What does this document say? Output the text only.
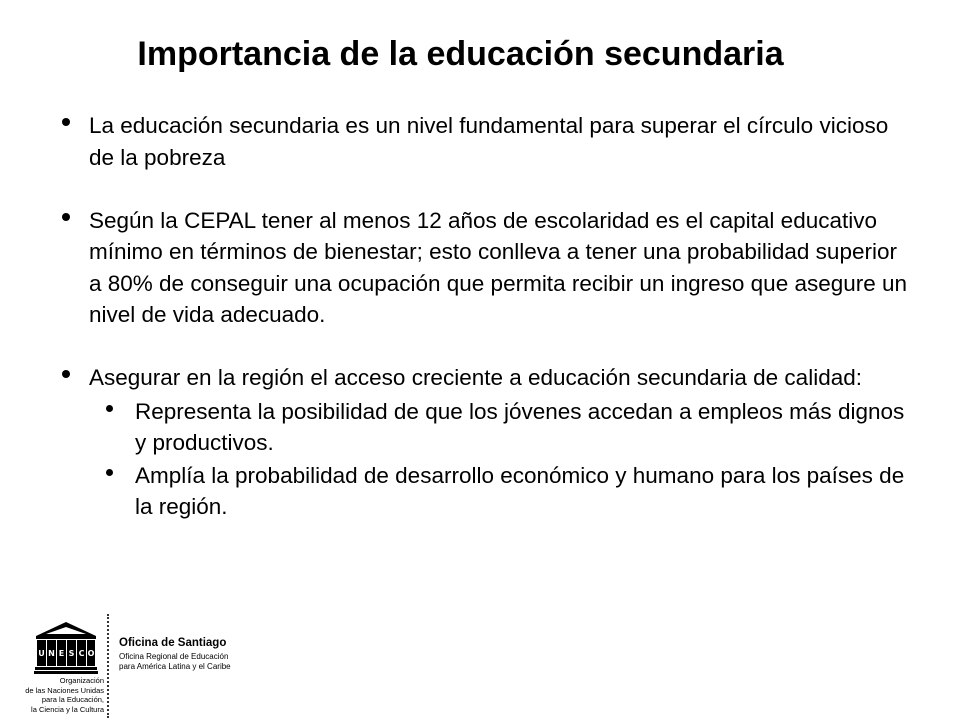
Importancia de la educación secundaria
La educación secundaria es un nivel fundamental para superar el círculo vicioso de la pobreza
Según la CEPAL tener al menos 12 años de escolaridad es el capital educativo mínimo en términos de bienestar; esto conlleva a tener una probabilidad superior a 80% de conseguir una ocupación que permita recibir un ingreso que asegure un nivel de vida adecuado.
Asegurar en la región el acceso creciente a educación secundaria de calidad:
Representa la posibilidad de que los jóvenes accedan a empleos más dignos y productivos.
Amplía la probabilidad de desarrollo económico y humano para los países de la región.
U N E S C O
Organización
de las Naciones Unidas
para la Educación,
la Ciencia y la Cultura
Oficina de Santiago
Oficina Regional de Educación
para América Latina y el Caribe
